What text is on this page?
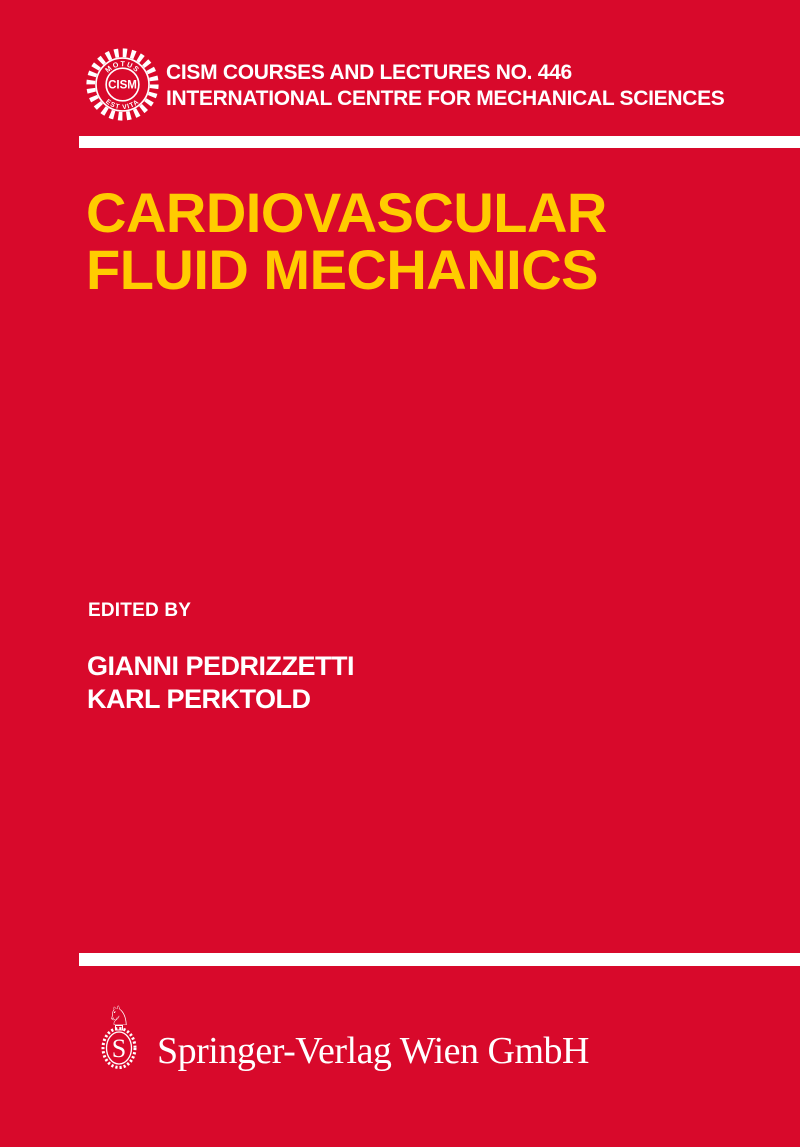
MOTUS
EST VITA
CISM
CISM COURSES AND LECTURES NO. 446
INTERNATIONAL CENTRE FOR MECHANICAL SCIENCES
CARDIOVASCULAR
FLUID MECHANICS
EDITED BY
GIANNI PEDRIZZETTI
KARL PERKTOLD
♘
S Springer-Verlag Wien GmbH
